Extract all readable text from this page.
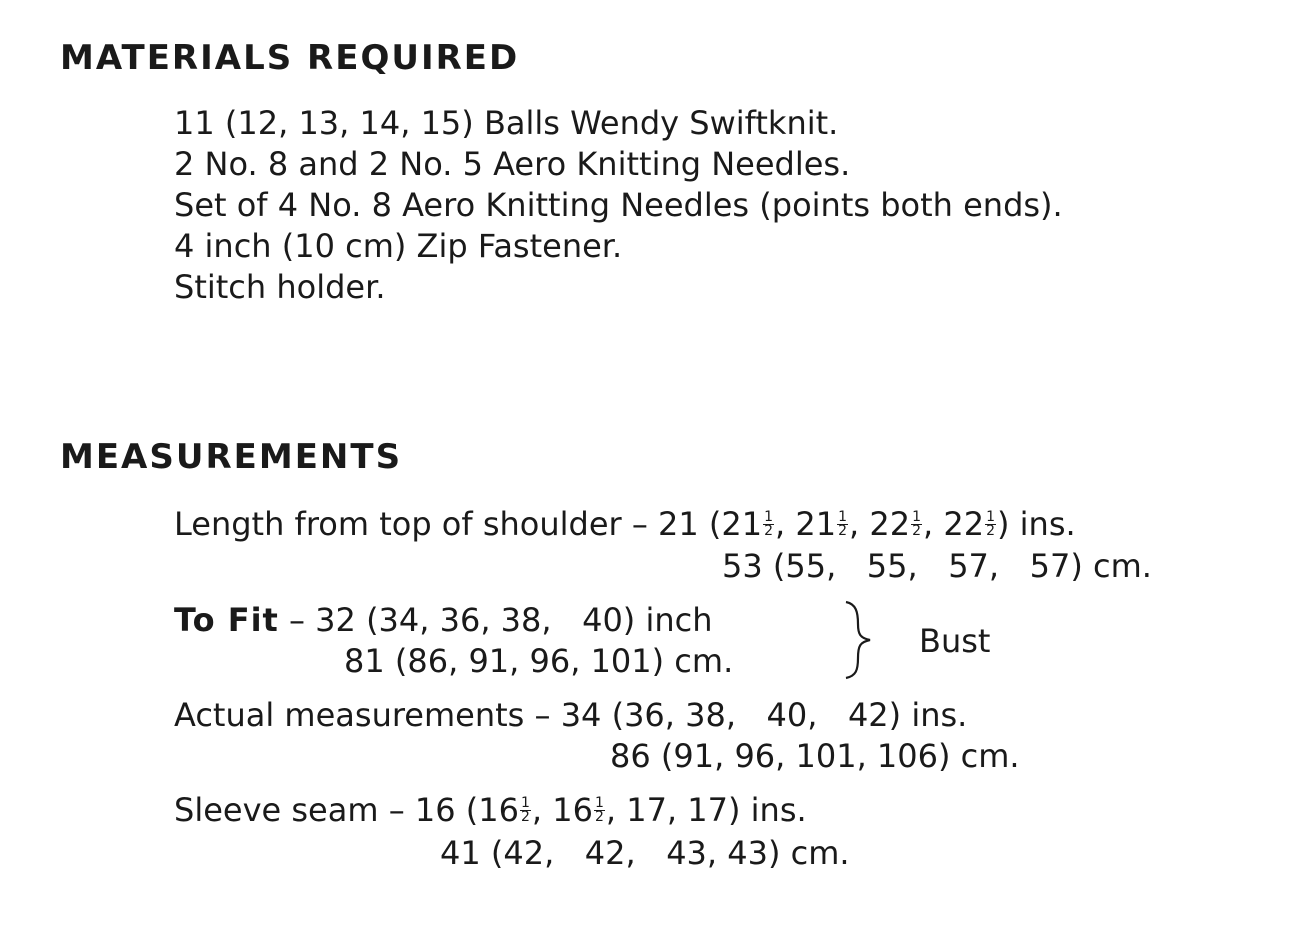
MATERIALS REQUIRED
11 (12, 13, 14, 15) Balls Wendy Swiftknit.
2 No. 8 and 2 No. 5 Aero Knitting Needles.
Set of 4 No. 8 Aero Knitting Needles (points both ends).
4 inch (10 cm) Zip Fastener.
Stitch holder.
MEASUREMENTS

Length from top of shoulder – 21 ($21 \frac{1}{2}$ , $21 \frac{1}{2}$ , $22 \frac{1}{2}$ , $22 \frac{1}{2}$ ) ins.

53 (55,   55,   57,   57) cm.

To Fit – 32 (34, 36, 38,   40) inch

81 (86, 91, 96, 101) cm.

Bust

Actual measurements – 34 (36, 38,   40,   42) ins.

86 (91, 96, 101, 106) cm.

Sleeve seam – 16 ($16 \frac{1}{2}$ , $16 \frac{1}{2}$ , 17, 17) ins.

41 (42,   42,   43, 43) cm.
